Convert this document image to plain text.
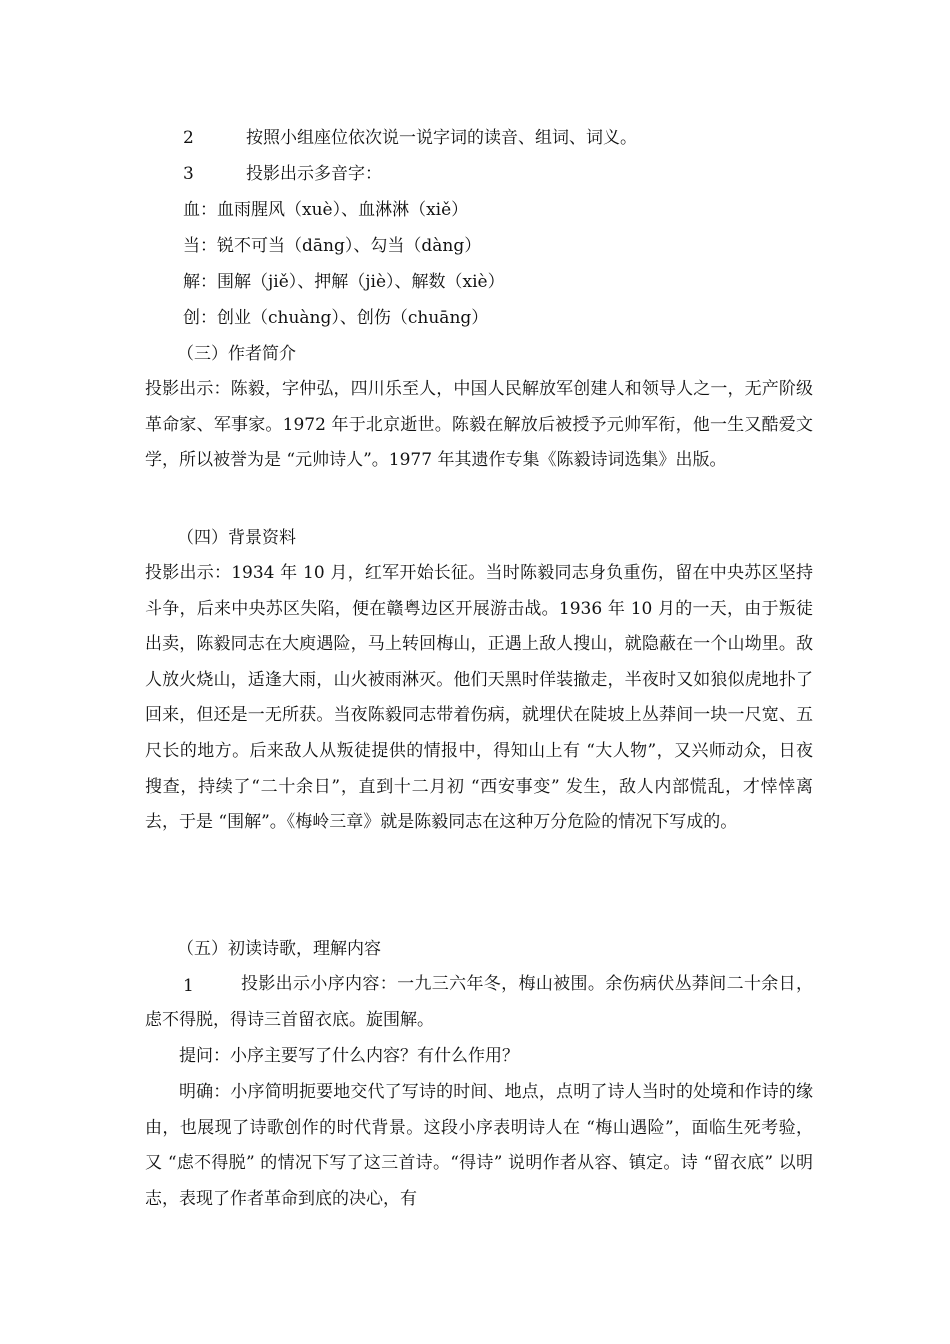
2	按照小组座位依次说一说字词的读音、组词、词义。
3	投影出示多音字：
血：血雨腥风（xuè）、血淋淋（xiě）
当：锐不可当（dāng）、勾当（dàng）
解：围解（jiě）、押解（jiè）、解数（xiè）
创：创业（chuàng）、创伤（chuāng）
（三）作者简介

投影出示：陈毅，字仲弘，四川乐至人，中国人民解放军创建人和领导人之一，无产阶级革命家、军事家。1972 年于北京逝世。陈毅在解放后被授予元帅军衔，他一生又酷爱文学，所以被誉为是 “元帅诗人”。1977 年其遗作专集《陈毅诗词选集》出版。

（四）背景资料

投影出示：1934 年 10 月，红军开始长征。当时陈毅同志身负重伤，留在中央苏区坚持斗争，后来中央苏区失陷，便在赣粤边区开展游击战。1936 年 10 月的一天，由于叛徒出卖，陈毅同志在大庾遇险，马上转回梅山，正遇上敌人搜山，就隐蔽在一个山坳里。敌人放火烧山，适逢大雨，山火被雨淋灭。他们天黑时佯装撤走，半夜时又如狼似虎地扑了回来，但还是一无所获。当夜陈毅同志带着伤病，就埋伏在陡坡上丛莽间一块一尺宽、五尺长的地方。后来敌人从叛徒提供的情报中，得知山上有 “大人物”，又兴师动众，日夜搜查，持续了“二十余日”，直到十二月初 “西安事变” 发生，敌人内部慌乱，才悻悻离去，于是 “围解”。《梅岭三章》就是陈毅同志在这种万分危险的情况下写成的。

（五）初读诗歌，理解内容
1	投影出示小序内容：一九三六年冬，梅山被围。余伤病伏丛莽间二十余日，虑不得脱，得诗三首留衣底。旋围解。

提问：小序主要写了什么内容？有什么作用？

明确：小序简明扼要地交代了写诗的时间、地点，点明了诗人当时的处境和作诗的缘由，也展现了诗歌创作的时代背景。这段小序表明诗人在 “梅山遇险”，面临生死考验，又 “虑不得脱” 的情况下写了这三首诗。“得诗” 说明作者从容、镇定。诗 “留衣底” 以明志，表现了作者革命到底的决心，有
